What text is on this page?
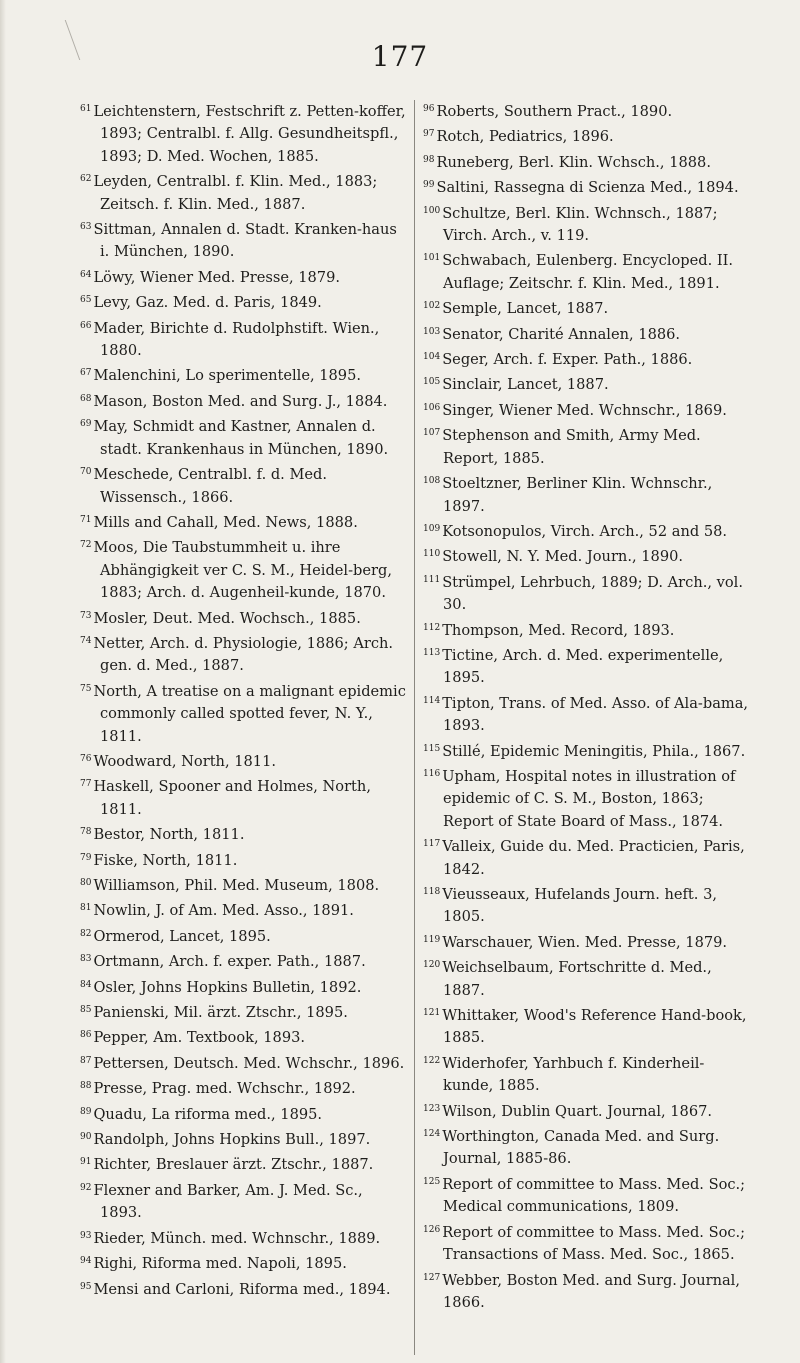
177

$^{61}$ Leichtenstern, Festschrift z. Petten-koffer, 1893; Centralbl. f. Allg. Gesundheitspfl., 1893; D. Med. Wochen, 1885.

$^{62}$ Leyden, Centralbl. f. Klin. Med., 1883; Zeitsch. f. Klin. Med., 1887.

$^{63}$ Sittman, Annalen d. Stadt. Kranken-haus i. München, 1890.

$^{64}$ Löwy, Wiener Med. Presse, 1879.

$^{65}$ Levy, Gaz. Med. d. Paris, 1849.

$^{66}$ Mader, Birichte d. Rudolphstift. Wien., 1880.

$^{67}$ Malenchini, Lo sperimentelle, 1895.

$^{68}$ Mason, Boston Med. and Surg. J., 1884.

$^{69}$ May, Schmidt and Kastner, Annalen d. stadt. Krankenhaus in München, 1890.

$^{70}$ Meschede, Centralbl. f. d. Med. Wissensch., 1866.

$^{71}$ Mills and Cahall, Med. News, 1888.

$^{72}$ Moos, Die Taubstummheit u. ihre Abhängigkeit ver C. S. M., Heidel-berg, 1883; Arch. d. Augenheil-kunde, 1870.

$^{73}$ Mosler, Deut. Med. Wochsch., 1885.

$^{74}$ Netter, Arch. d. Physiologie, 1886; Arch. gen. d. Med., 1887.

$^{75}$ North, A treatise on a malignant epidemic commonly called spotted fever, N. Y., 1811.

$^{76}$ Woodward, North, 1811.

$^{77}$ Haskell, Spooner and Holmes, North, 1811.

$^{78}$ Bestor, North, 1811.

$^{79}$ Fiske, North, 1811.

$^{80}$ Williamson, Phil. Med. Museum, 1808.

$^{81}$ Nowlin, J. of Am. Med. Asso., 1891.

$^{82}$ Ormerod, Lancet, 1895.

$^{83}$ Ortmann, Arch. f. exper. Path., 1887.

$^{84}$ Osler, Johns Hopkins Bulletin, 1892.

$^{85}$ Panienski, Mil. ärzt. Ztschr., 1895.

$^{86}$ Pepper, Am. Textbook, 1893.

$^{87}$ Pettersen, Deutsch. Med. Wchschr., 1896.

$^{88}$ Presse, Prag. med. Wchschr., 1892.

$^{89}$ Quadu, La riforma med., 1895.

$^{90}$ Randolph, Johns Hopkins Bull., 1897.

$^{91}$ Richter, Breslauer ärzt. Ztschr., 1887.

$^{92}$ Flexner and Barker, Am. J. Med. Sc., 1893.

$^{93}$ Rieder, Münch. med. Wchnschr., 1889.

$^{94}$ Righi, Riforma med. Napoli, 1895.

$^{95}$ Mensi and Carloni, Riforma med., 1894.

$^{96}$ Roberts, Southern Pract., 1890.

$^{97}$ Rotch, Pediatrics, 1896.

$^{98}$ Runeberg, Berl. Klin. Wchsch., 1888.

$^{99}$ Saltini, Rassegna di Scienza Med., 1894.

$^{100}$ Schultze, Berl. Klin. Wchnsch., 1887; Virch. Arch., v. 119.

$^{101}$ Schwabach, Eulenberg. Encycloped. II. Auflage; Zeitschr. f. Klin. Med., 1891.

$^{102}$ Semple, Lancet, 1887.

$^{103}$ Senator, Charité Annalen, 1886.

$^{104}$ Seger, Arch. f. Exper. Path., 1886.

$^{105}$ Sinclair, Lancet, 1887.

$^{106}$ Singer, Wiener Med. Wchnschr., 1869.

$^{107}$ Stephenson and Smith, Army Med. Report, 1885.

$^{108}$ Stoeltzner, Berliner Klin. Wchnschr., 1897.

$^{109}$ Kotsonopulos, Virch. Arch., 52 and 58.

$^{110}$ Stowell, N. Y. Med. Journ., 1890.

$^{111}$ Strümpel, Lehrbuch, 1889; D. Arch., vol. 30.

$^{112}$ Thompson, Med. Record, 1893.

$^{113}$ Tictine, Arch. d. Med. experimentelle, 1895.

$^{114}$ Tipton, Trans. of Med. Asso. of Ala-bama, 1893.

$^{115}$ Stillé, Epidemic Meningitis, Phila., 1867.

$^{116}$ Upham, Hospital notes in illustration of epidemic of C. S. M., Boston, 1863; Report of State Board of Mass., 1874.

$^{117}$ Valleix, Guide du. Med. Practicien, Paris, 1842.

$^{118}$ Vieusseaux, Hufelands Journ. heft. 3, 1805.

$^{119}$ Warschauer, Wien. Med. Presse, 1879.

$^{120}$ Weichselbaum, Fortschritte d. Med., 1887.

$^{121}$ Whittaker, Wood's Reference Hand-book, 1885.

$^{122}$ Widerhofer, Yarhbuch f. Kinderheil-kunde, 1885.

$^{123}$ Wilson, Dublin Quart. Journal, 1867.

$^{124}$ Worthington, Canada Med. and Surg. Journal, 1885-86.

$^{125}$ Report of committee to Mass. Med. Soc.; Medical communications, 1809.

$^{126}$ Report of committee to Mass. Med. Soc.; Transactions of Mass. Med. Soc., 1865.

$^{127}$ Webber, Boston Med. and Surg. Journal, 1866.
